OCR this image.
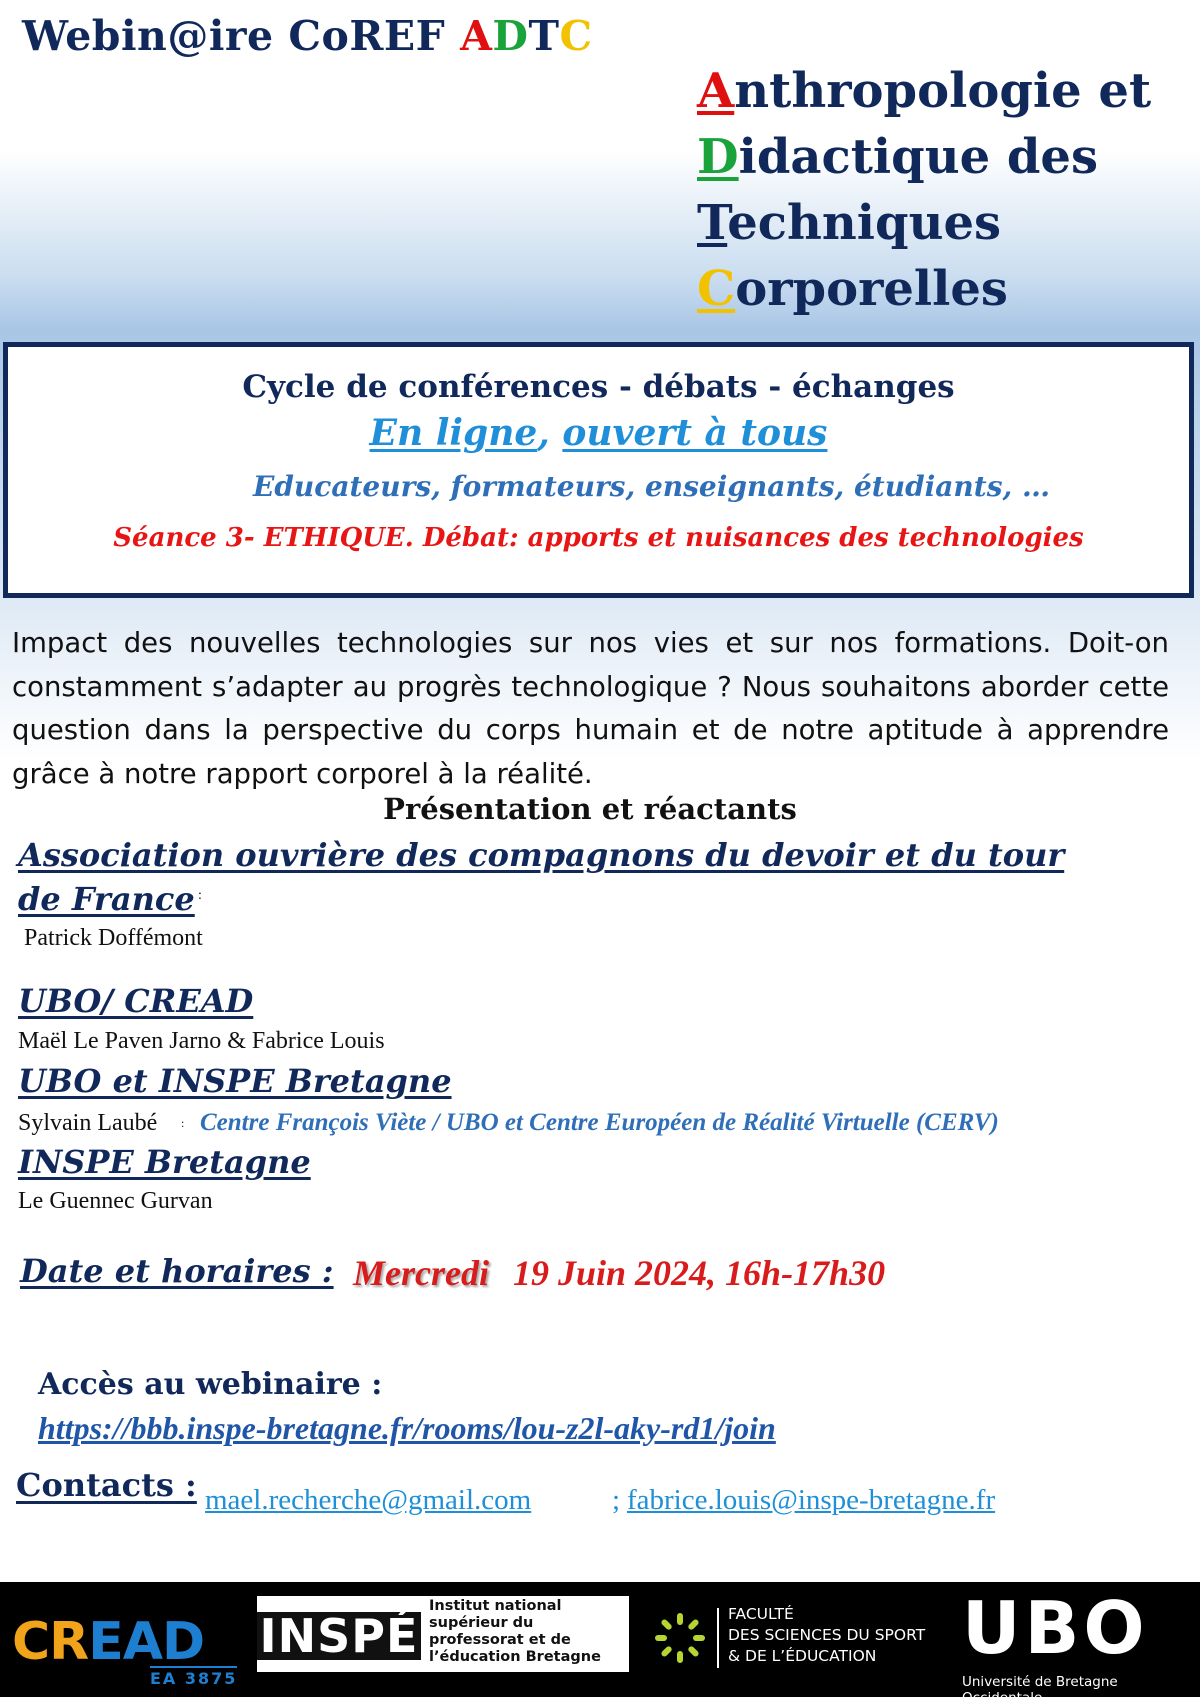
Webin@ire CoREF ADTC
Anthropologie et
Didactique des
Techniques
Corporelles
Cycle de conférences - débats - échanges
En ligne, ouvert à tous
Educateurs, formateurs, enseignants, étudiants, …
Séance 3- ETHIQUE. Débat: apports et nuisances des technologies
Impact des nouvelles technologies sur nos vies et sur nos formations. Doit-on constamment s’adapter au progrès technologique ? Nous souhaitons aborder cette question dans la perspective du corps humain et de notre aptitude à apprendre grâce à notre rapport corporel à la réalité.
Présentation et réactants
Association ouvrière des compagnons du devoir et du tour
de France :
Patrick Doffémont
UBO/ CREAD
Maël Le Paven Jarno & Fabrice Louis
UBO et INSPE Bretagne
Sylvain Laubé : Centre François Viète / UBO et Centre Européen de Réalité Virtuelle (CERV)
INSPE Bretagne
Le Guennec Gurvan
Date et horaires : Mercredi 19 Juin 2024, 16h-17h30
Accès au webinaire :
https://bbb.inspe-bretagne.fr/rooms/lou-z2l-aky-rd1/join
Contacts : mael.recherche@gmail.com	; fabrice.louis@inspe-bretagne.fr
CREAD
EA 3875
INSPÉ
Institut national supérieur du professorat et de l’éducation Bretagne
FACULTÉ
DES SCIENCES DU SPORT
& DE L’ÉDUCATION	UBO
Université de Bretagne Occidentale
